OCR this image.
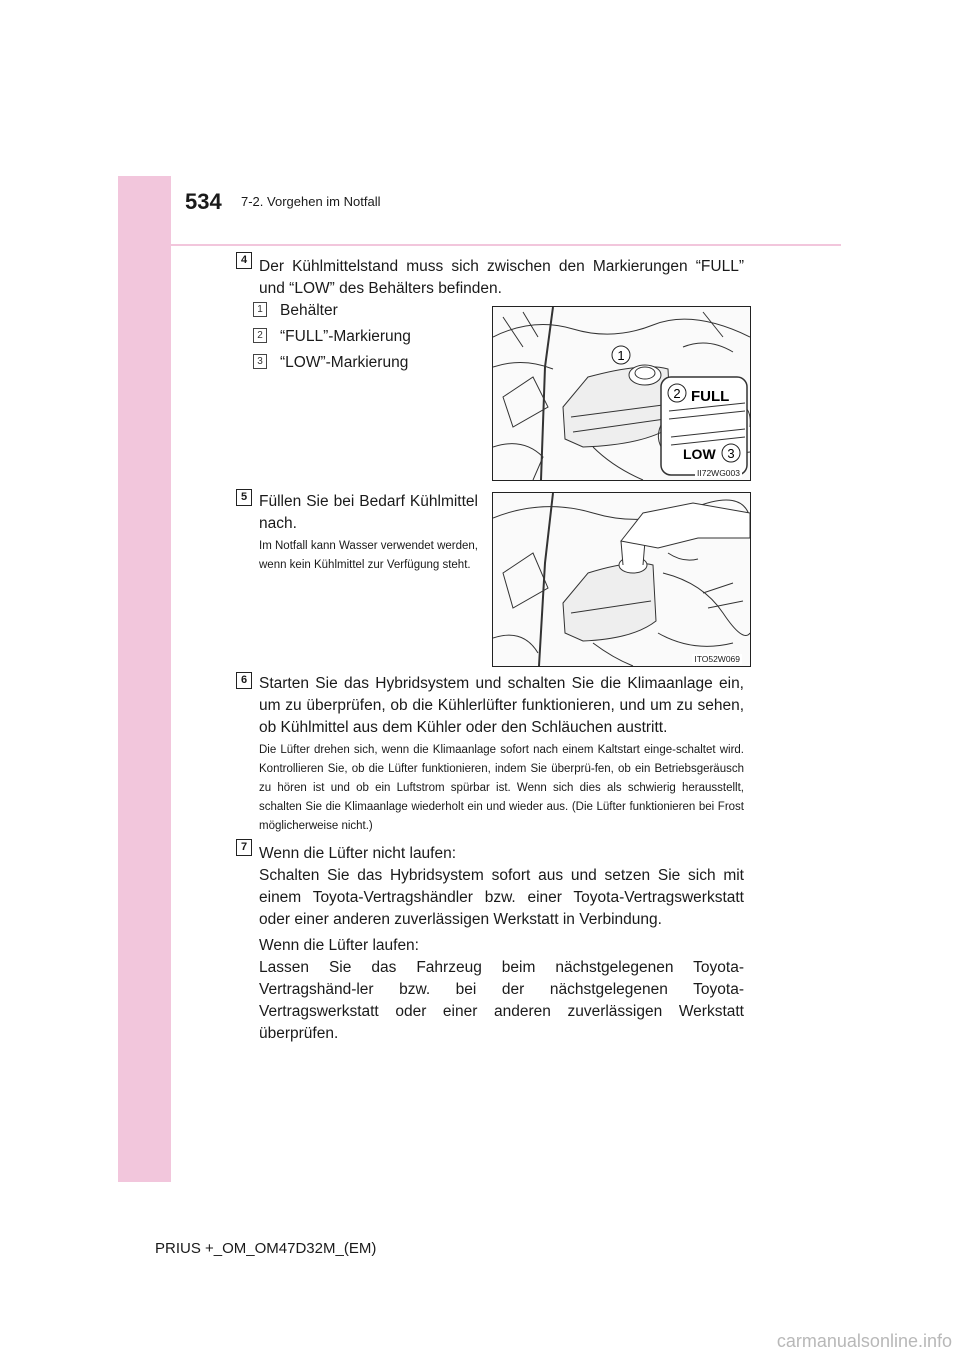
534 7-2. Vorgehen im Notfall
4 Der Kühlmittelstand muss sich zwischen den Markierungen “FULL” und “LOW” des Behälters befinden.
1 Behälter
2 “FULL”-Markierung
3 “LOW”-Markierung	1
2
3
FULL
LOW
II72WG003
5 Füllen Sie bei Bedarf Kühlmittel nach.
Im Notfall kann Wasser verwendet werden, wenn kein Kühlmittel zur Verfügung steht.
ITO52W069
6 Starten Sie das Hybridsystem und schalten Sie die Klimaanlage ein, um zu überprüfen, ob die Kühlerlüfter funktionieren, und um zu sehen, ob Kühlmittel aus dem Kühler oder den Schläuchen austritt.
Die Lüfter drehen sich, wenn die Klimaanlage sofort nach einem Kaltstart einge-schaltet wird. Kontrollieren Sie, ob die Lüfter funktionieren, indem Sie überprü-fen, ob ein Betriebsgeräusch zu hören ist und ob ein Luftstrom spürbar ist. Wenn sich dies als schwierig herausstellt, schalten Sie die Klimaanlage wiederholt ein und wieder aus. (Die Lüfter funktionieren bei Frost möglicherweise nicht.)
7 Wenn die Lüfter nicht laufen:
Schalten Sie das Hybridsystem sofort aus und setzen Sie sich mit einem Toyota-Vertragshändler bzw. einer Toyota-Vertragswerkstatt oder einer anderen zuverlässigen Werkstatt in Verbindung.
Wenn die Lüfter laufen:
Lassen Sie das Fahrzeug beim nächstgelegenen Toyota-Vertragshänd-ler bzw. bei der nächstgelegenen Toyota-Vertragswerkstatt oder einer anderen zuverlässigen Werkstatt überprüfen.
PRIUS +_OM_OM47D32M_(EM)
carmanualsonline.info
